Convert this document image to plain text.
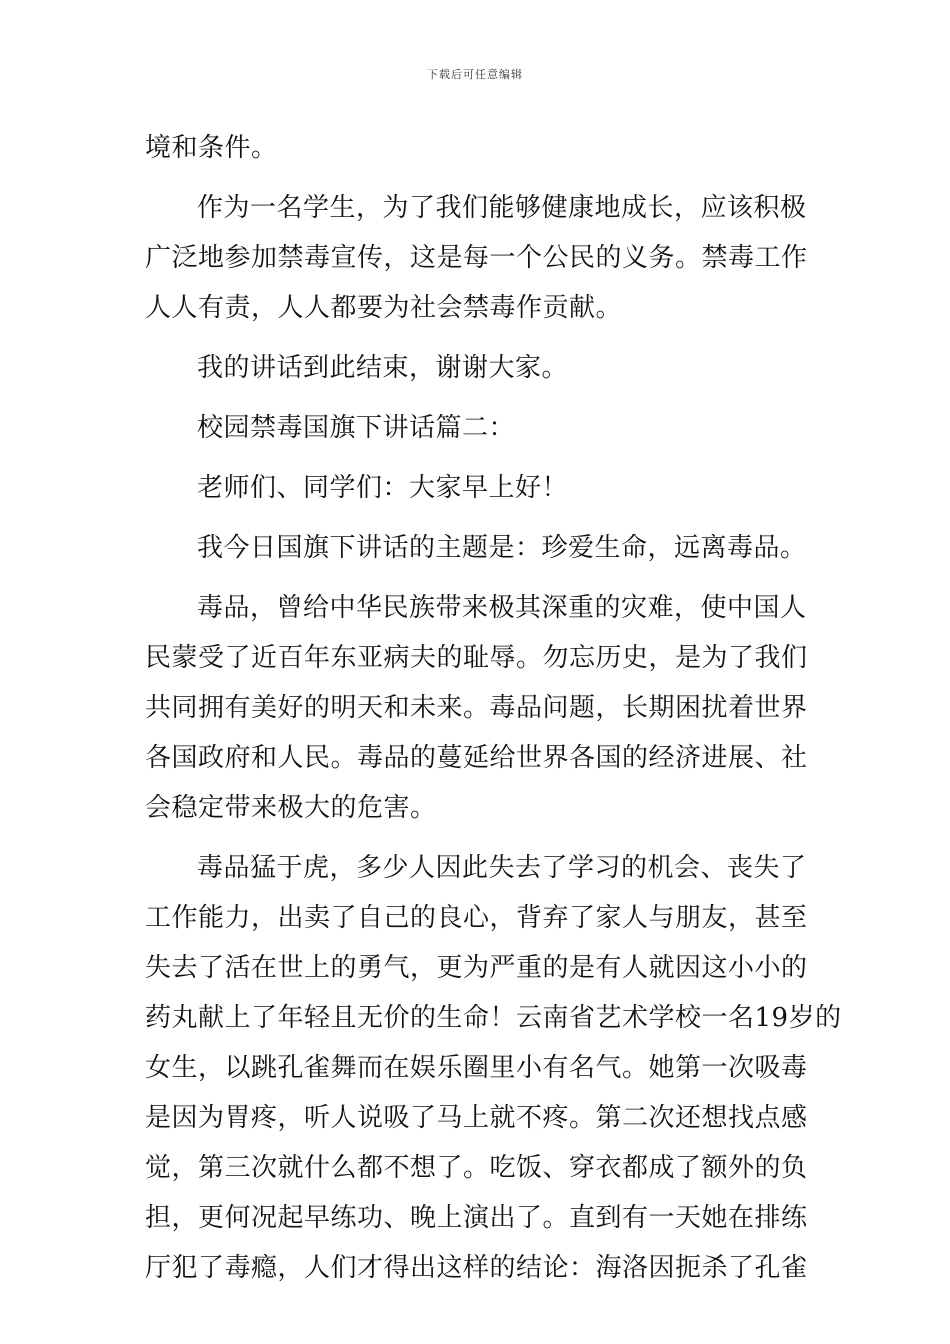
下载后可任意编辑
境和条件。
作为一名学生，为了我们能够健康地成长，应该积极
广泛地参加禁毒宣传，这是每一个公民的义务。禁毒工作
人人有责，人人都要为社会禁毒作贡献。
我的讲话到此结束，谢谢大家。
校园禁毒国旗下讲话篇二：
老师们、同学们：大家早上好！
我今日国旗下讲话的主题是：珍爱生命，远离毒品。
毒品，曾给中华民族带来极其深重的灾难，使中国人
民蒙受了近百年东亚病夫的耻辱。勿忘历史，是为了我们
共同拥有美好的明天和未来。毒品问题，长期困扰着世界
各国政府和人民。毒品的蔓延给世界各国的经济进展、社
会稳定带来极大的危害。
毒品猛于虎，多少人因此失去了学习的机会、丧失了
工作能力，出卖了自己的良心，背弃了家人与朋友，甚至
失去了活在世上的勇气，更为严重的是有人就因这小小的
药丸献上了年轻且无价的生命！云南省艺术学校一名19岁的
女生，以跳孔雀舞而在娱乐圈里小有名气。她第一次吸毒
是因为胃疼，听人说吸了马上就不疼。第二次还想找点感
觉，第三次就什么都不想了。吃饭、穿衣都成了额外的负
担，更何况起早练功、晚上演出了。直到有一天她在排练
厅犯了毒瘾，人们才得出这样的结论：海洛因扼杀了孔雀
